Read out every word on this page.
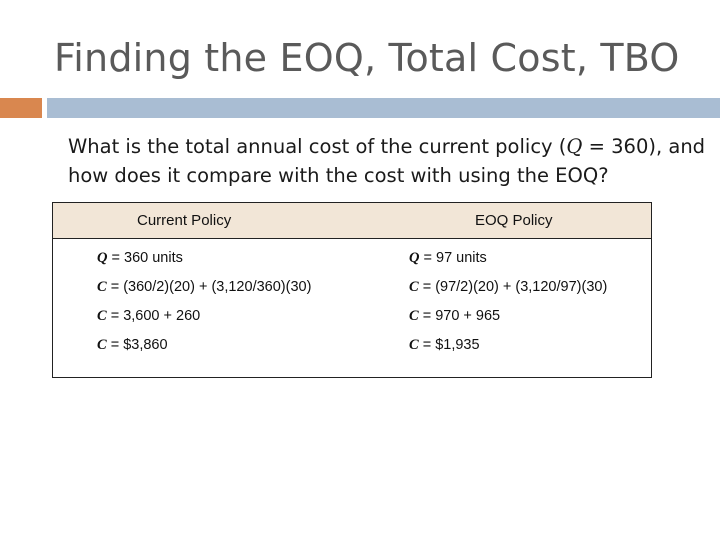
Finding the EOQ, Total Cost, TBO
What is the total annual cost of the current policy (Q = 360), and how does it compare with the cost with using the EOQ?
Current Policy	EOQ Policy
Q = 360 units	Q = 97 units
C = (360/2)(20) + (3,120/360)(30)	C = (97/2)(20) + (3,120/97)(30)
C = 3,600 + 260	C = 970 + 965
C = $3,860	C = $1,935
